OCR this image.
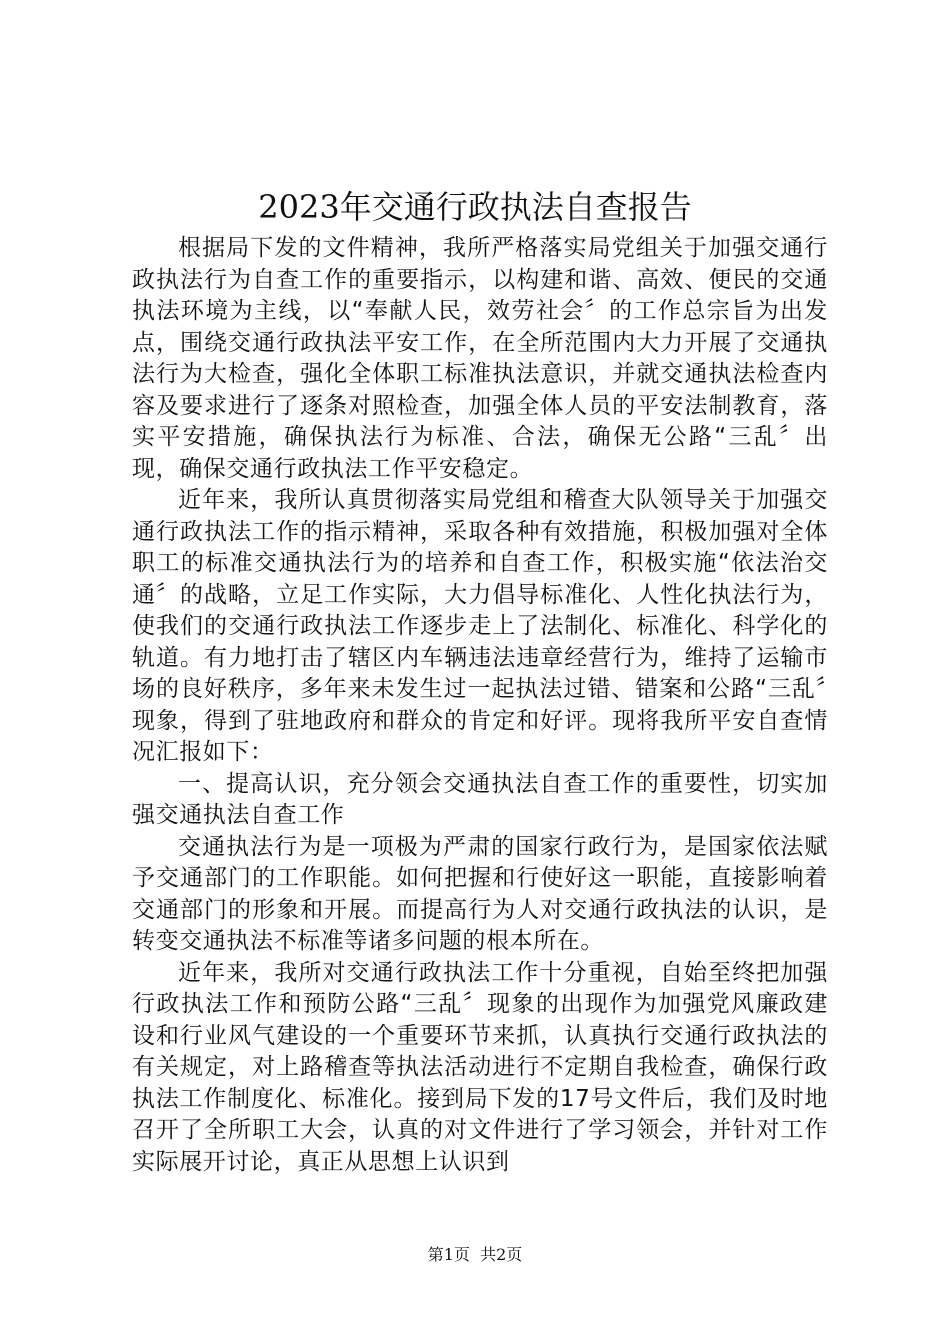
2023年交通行政执法自查报告

根据局下发的文件精神，我所严格落实局党组关于加强交通行政执法行为自查工作的重要指示，以构建和谐、高效、便民的交通执法环境为主线，以“奉献人民，效劳社会〞的工作总宗旨为出发点，围绕交通行政执法平安工作，在全所范围内大力开展了交通执法行为大检查，强化全体职工标准执法意识，并就交通执法检查内容及要求进行了逐条对照检查，加强全体人员的平安法制教育，落实平安措施，确保执法行为标准、合法，确保无公路“三乱〞出现，确保交通行政执法工作平安稳定。

近年来，我所认真贯彻落实局党组和稽查大队领导关于加强交通行政执法工作的指示精神，采取各种有效措施，积极加强对全体职工的标准交通执法行为的培养和自查工作，积极实施“依法治交通〞的战略，立足工作实际，大力倡导标准化、人性化执法行为，使我们的交通行政执法工作逐步走上了法制化、标准化、科学化的轨道。有力地打击了辖区内车辆违法违章经营行为，维持了运输市场的良好秩序，多年来未发生过一起执法过错、错案和公路“三乱〞现象，得到了驻地政府和群众的肯定和好评。现将我所平安自查情况汇报如下：

一、提高认识，充分领会交通执法自查工作的重要性，切实加强交通执法自查工作

交通执法行为是一项极为严肃的国家行政行为，是国家依法赋予交通部门的工作职能。如何把握和行使好这一职能，直接影响着交通部门的形象和开展。而提高行为人对交通行政执法的认识，是转变交通执法不标准等诸多问题的根本所在。

近年来，我所对交通行政执法工作十分重视，自始至终把加强行政执法工作和预防公路“三乱〞现象的出现作为加强党风廉政建设和行业风气建设的一个重要环节来抓，认真执行交通行政执法的有关规定，对上路稽查等执法活动进行不定期自我检查，确保行政执法工作制度化、标准化。接到局下发的17号文件后，我们及时地召开了全所职工大会，认真的对文件进行了学习领会，并针对工作实际展开讨论，真正从思想上认识到

第1页 共2页
